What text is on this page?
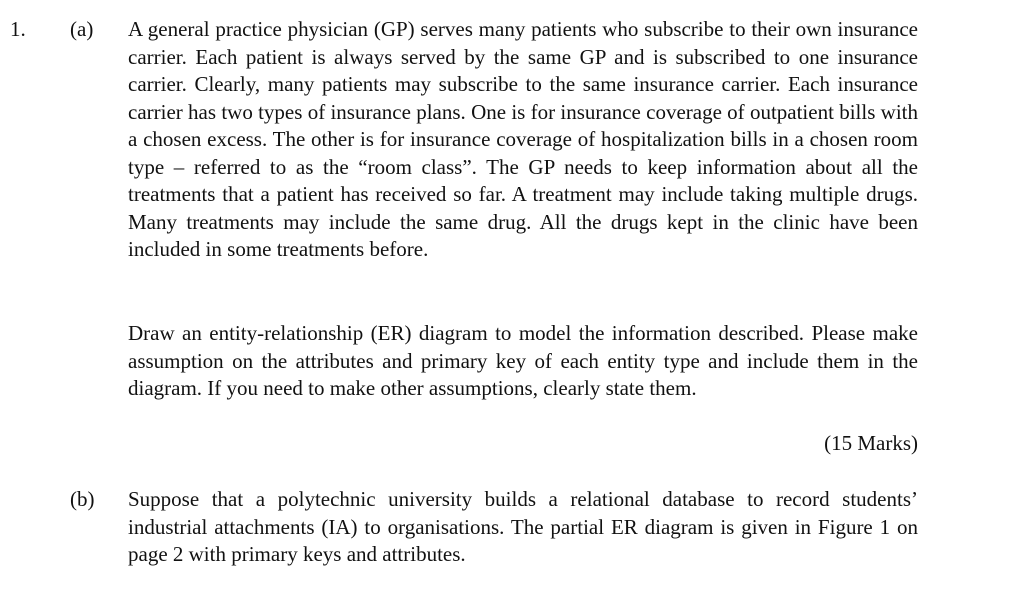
1. (a) A general practice physician (GP) serves many patients who subscribe to their own insurance carrier. Each patient is always served by the same GP and is subscribed to one insurance carrier. Clearly, many patients may subscribe to the same insurance carrier. Each insurance carrier has two types of insurance plans. One is for insurance coverage of outpatient bills with a chosen excess. The other is for insurance coverage of hospitalization bills in a chosen room type – referred to as the “room class”. The GP needs to keep information about all the treatments that a patient has received so far. A treatment may include taking multiple drugs. Many treatments may include the same drug. All the drugs kept in the clinic have been included in some treatments before.

Draw an entity-relationship (ER) diagram to model the information described. Please make assumption on the attributes and primary key of each entity type and include them in the diagram. If you need to make other assumptions, clearly state them.

(15 Marks)
(b) Suppose that a polytechnic university builds a relational database to record students’ industrial attachments (IA) to organisations. The partial ER diagram is given in Figure 1 on page 2 with primary keys and attributes.
